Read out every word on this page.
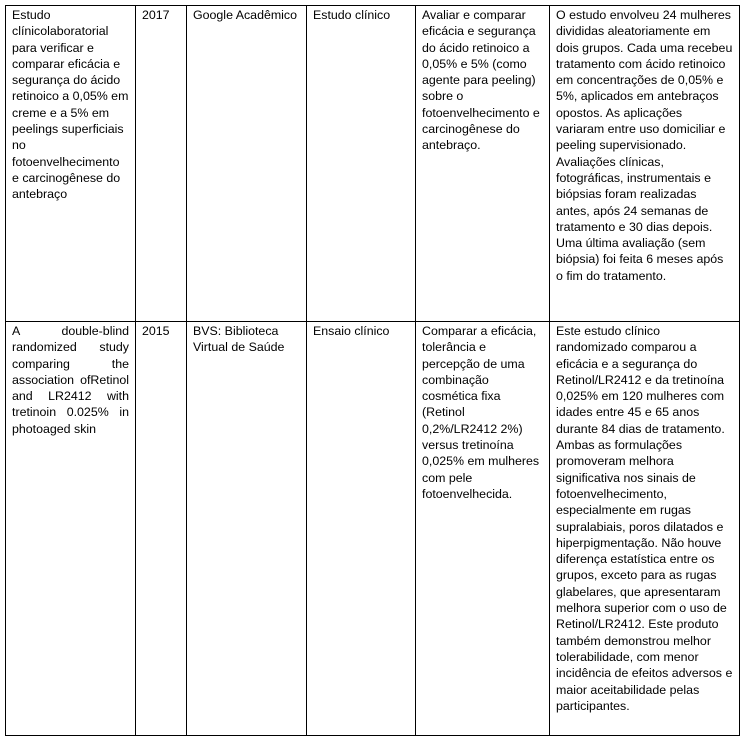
Estudo clínicolaboratorial para verificar e comparar eficácia e segurança do ácido retinoico a 0,05% em creme e a 5% em peelings superficiais no fotoenvelhecimento e carcinogênese do antebraço	2017	Google Acadêmico	Estudo clínico	Avaliar e comparar eficácia e segurança do ácido retinoico a 0,05% e 5% (como agente para peeling) sobre o fotoenvelhecimento e carcinogênese do antebraço.	O estudo envolveu 24 mulheres divididas aleatoriamente em dois grupos. Cada uma recebeu tratamento com ácido retinoico em concentrações de 0,05% e 5%, aplicados em antebraços opostos. As aplicações variaram entre uso domiciliar e peeling supervisionado. Avaliações clínicas, fotográficas, instrumentais e biópsias foram realizadas antes, após 24 semanas de tratamento e 30 dias depois. Uma última avaliação (sem biópsia) foi feita 6 meses após o fim do tratamento.
A double-blind randomized study comparing the association ofRetinol and LR2412 with tretinoin 0.025% in photoaged skin	2015	BVS: Biblioteca Virtual de Saúde	Ensaio clínico	Comparar a eficácia, tolerância e percepção de uma combinação cosmética fixa (Retinol 0,2%/LR2412 2%) versus tretinoína 0,025% em mulheres com pele fotoenvelhecida.	Este estudo clínico randomizado comparou a eficácia e a segurança do Retinol/LR2412 e da tretinoína 0,025% em 120 mulheres com idades entre 45 e 65 anos durante 84 dias de tratamento. Ambas as formulações promoveram melhora significativa nos sinais de fotoenvelhecimento, especialmente em rugas supralabiais, poros dilatados e hiperpigmentação. Não houve diferença estatística entre os grupos, exceto para as rugas glabelares, que apresentaram melhora superior com o uso de Retinol/LR2412. Este produto também demonstrou melhor tolerabilidade, com menor incidência de efeitos adversos e maior aceitabilidade pelas participantes.
